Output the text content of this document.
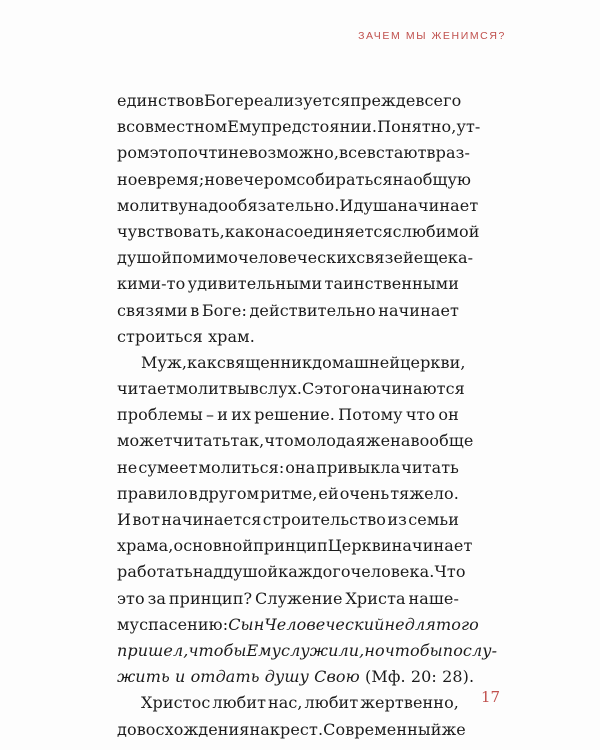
ЗАЧЕМ МЫ ЖЕНИМСЯ?
единство в Боге реализуется прежде всего
в совместном Ему предстоянии. Понятно, ут-
ром это почти невозможно, все встают в раз-
ное время; но вечером собираться на общую
молитву надо обязательно. И душа начинает
чувствовать, как она соединяется с любимой
душой помимо человеческих связей еще ка-
кими-то удивительными таинственными
связями в Боге: действительно начинает
строиться
храм.
Муж, как священник домашней церкви,
читает молитвы вслух. С этого начинаются
проблемы – и их решение. Потому что он
может читать так, что молодая жена вообще
не сумеет молиться: она привыкла читать
правило в другом ритме, ей очень тяжело.
И вот начинается строительство из семьи
храма, основной принцип Церкви начинает
работать над душой каждого человека. Что
это за принцип? Служение Христа наше-
му спасению: Сын Человеческий не для того
пришел, чтобы Ему служили, но чтобы послу-
жить
и
отдать
душу
Свою
(Мф.
20:
28).
Христос любит нас, любит жертвенно,
до восхождения на крест. Современный же
17
